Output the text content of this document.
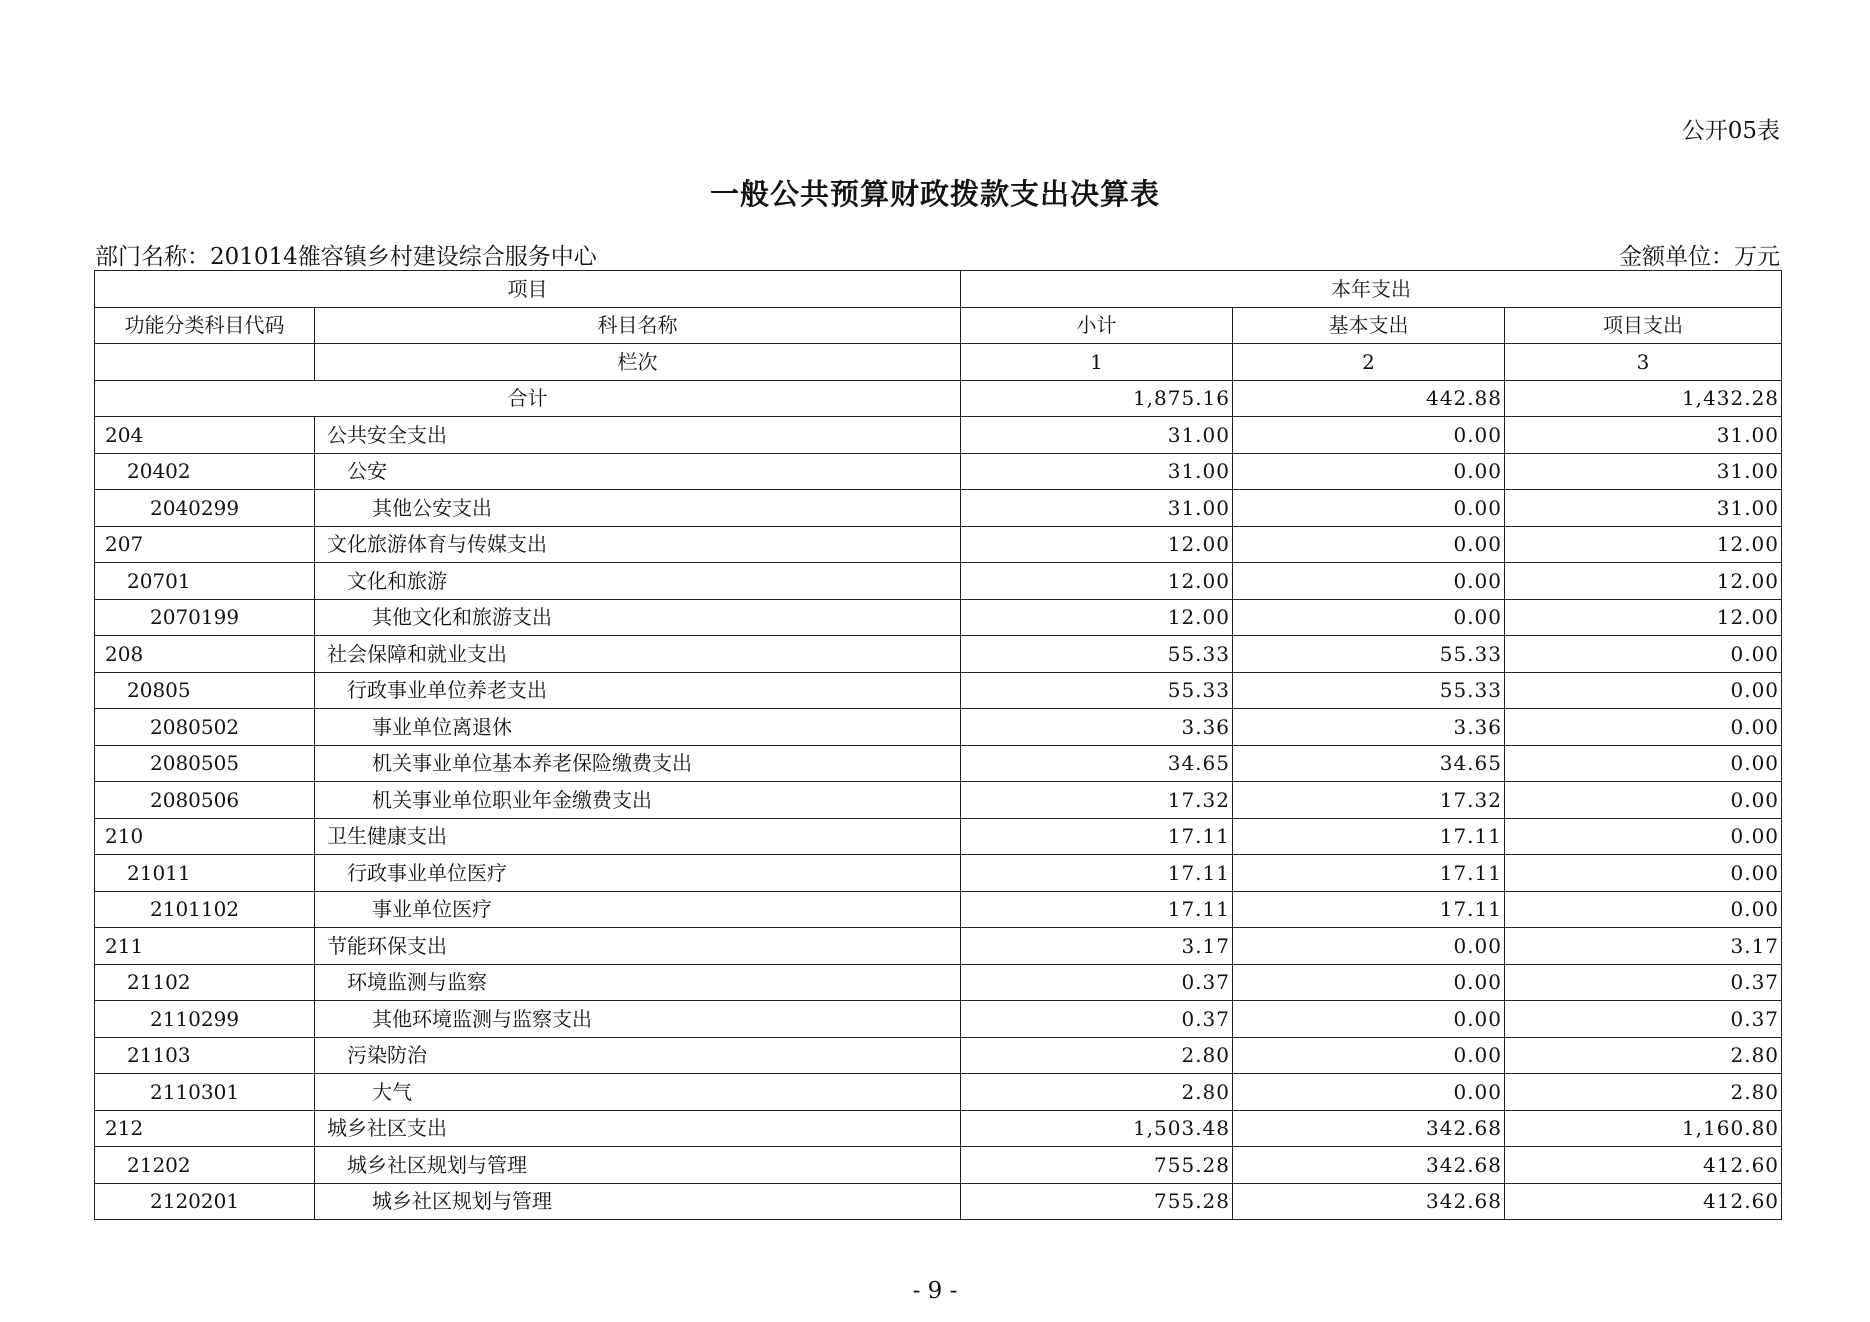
公开05表
一般公共预算财政拨款支出决算表
部门名称：201014雒容镇乡村建设综合服务中心	金额单位：万元
项目		本年支出		
功能分类科目代码	科目名称	小计	基本支出	项目支出
	栏次	1	2	3
合计		1,875.16	442.88	1,432.28
204	公共安全支出	31.00	0.00	31.00
20402	公安	31.00	0.00	31.00
2040299	其他公安支出	31.00	0.00	31.00
207	文化旅游体育与传媒支出	12.00	0.00	12.00
20701	文化和旅游	12.00	0.00	12.00
2070199	其他文化和旅游支出	12.00	0.00	12.00
208	社会保障和就业支出	55.33	55.33	0.00
20805	行政事业单位养老支出	55.33	55.33	0.00
2080502	事业单位离退休	3.36	3.36	0.00
2080505	机关事业单位基本养老保险缴费支出	34.65	34.65	0.00
2080506	机关事业单位职业年金缴费支出	17.32	17.32	0.00
210	卫生健康支出	17.11	17.11	0.00
21011	行政事业单位医疗	17.11	17.11	0.00
2101102	事业单位医疗	17.11	17.11	0.00
211	节能环保支出	3.17	0.00	3.17
21102	环境监测与监察	0.37	0.00	0.37
2110299	其他环境监测与监察支出	0.37	0.00	0.37
21103	污染防治	2.80	0.00	2.80
2110301	大气	2.80	0.00	2.80
212	城乡社区支出	1,503.48	342.68	1,160.80
21202	城乡社区规划与管理	755.28	342.68	412.60
2120201	城乡社区规划与管理	755.28	342.68	412.60
- 9 -
